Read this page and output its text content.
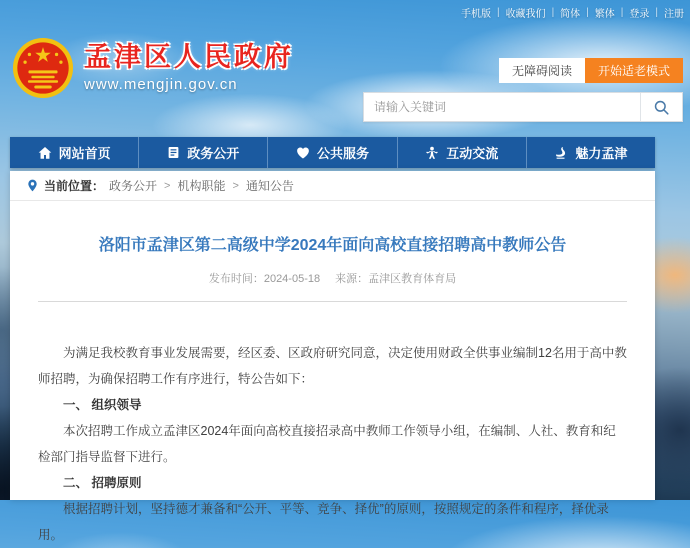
手机版 | 收藏我们 | 简体 | 繁体 | 登录 | 注册
孟津区人民政府
www.mengjin.gov.cn
无障碍阅读	开始适老模式
请输入关键词
网站首页	政务公开	公共服务	互动交流	魅力孟津
当前位置： 政务公开 > 机构职能 > 通知公告
洛阳市孟津区第二高级中学2024年面向高校直接招聘高中教师公告
发布时间：2024-05-18 来源：孟津区教育体育局

为满足我校教育事业发展需要，经区委、区政府研究同意，决定使用财政全供事业编制12名用于高中教师招聘，为确保招聘工作有序进行，特公告如下：

一、 组织领导

本次招聘工作成立孟津区2024年面向高校直接招录高中教师工作领导小组，在编制、人社、教育和纪检部门指导监督下进行。

二、 招聘原则

根据招聘计划，坚持德才兼备和“公开、平等、竞争、择优”的原则，按照规定的条件和程序，择优录用。
